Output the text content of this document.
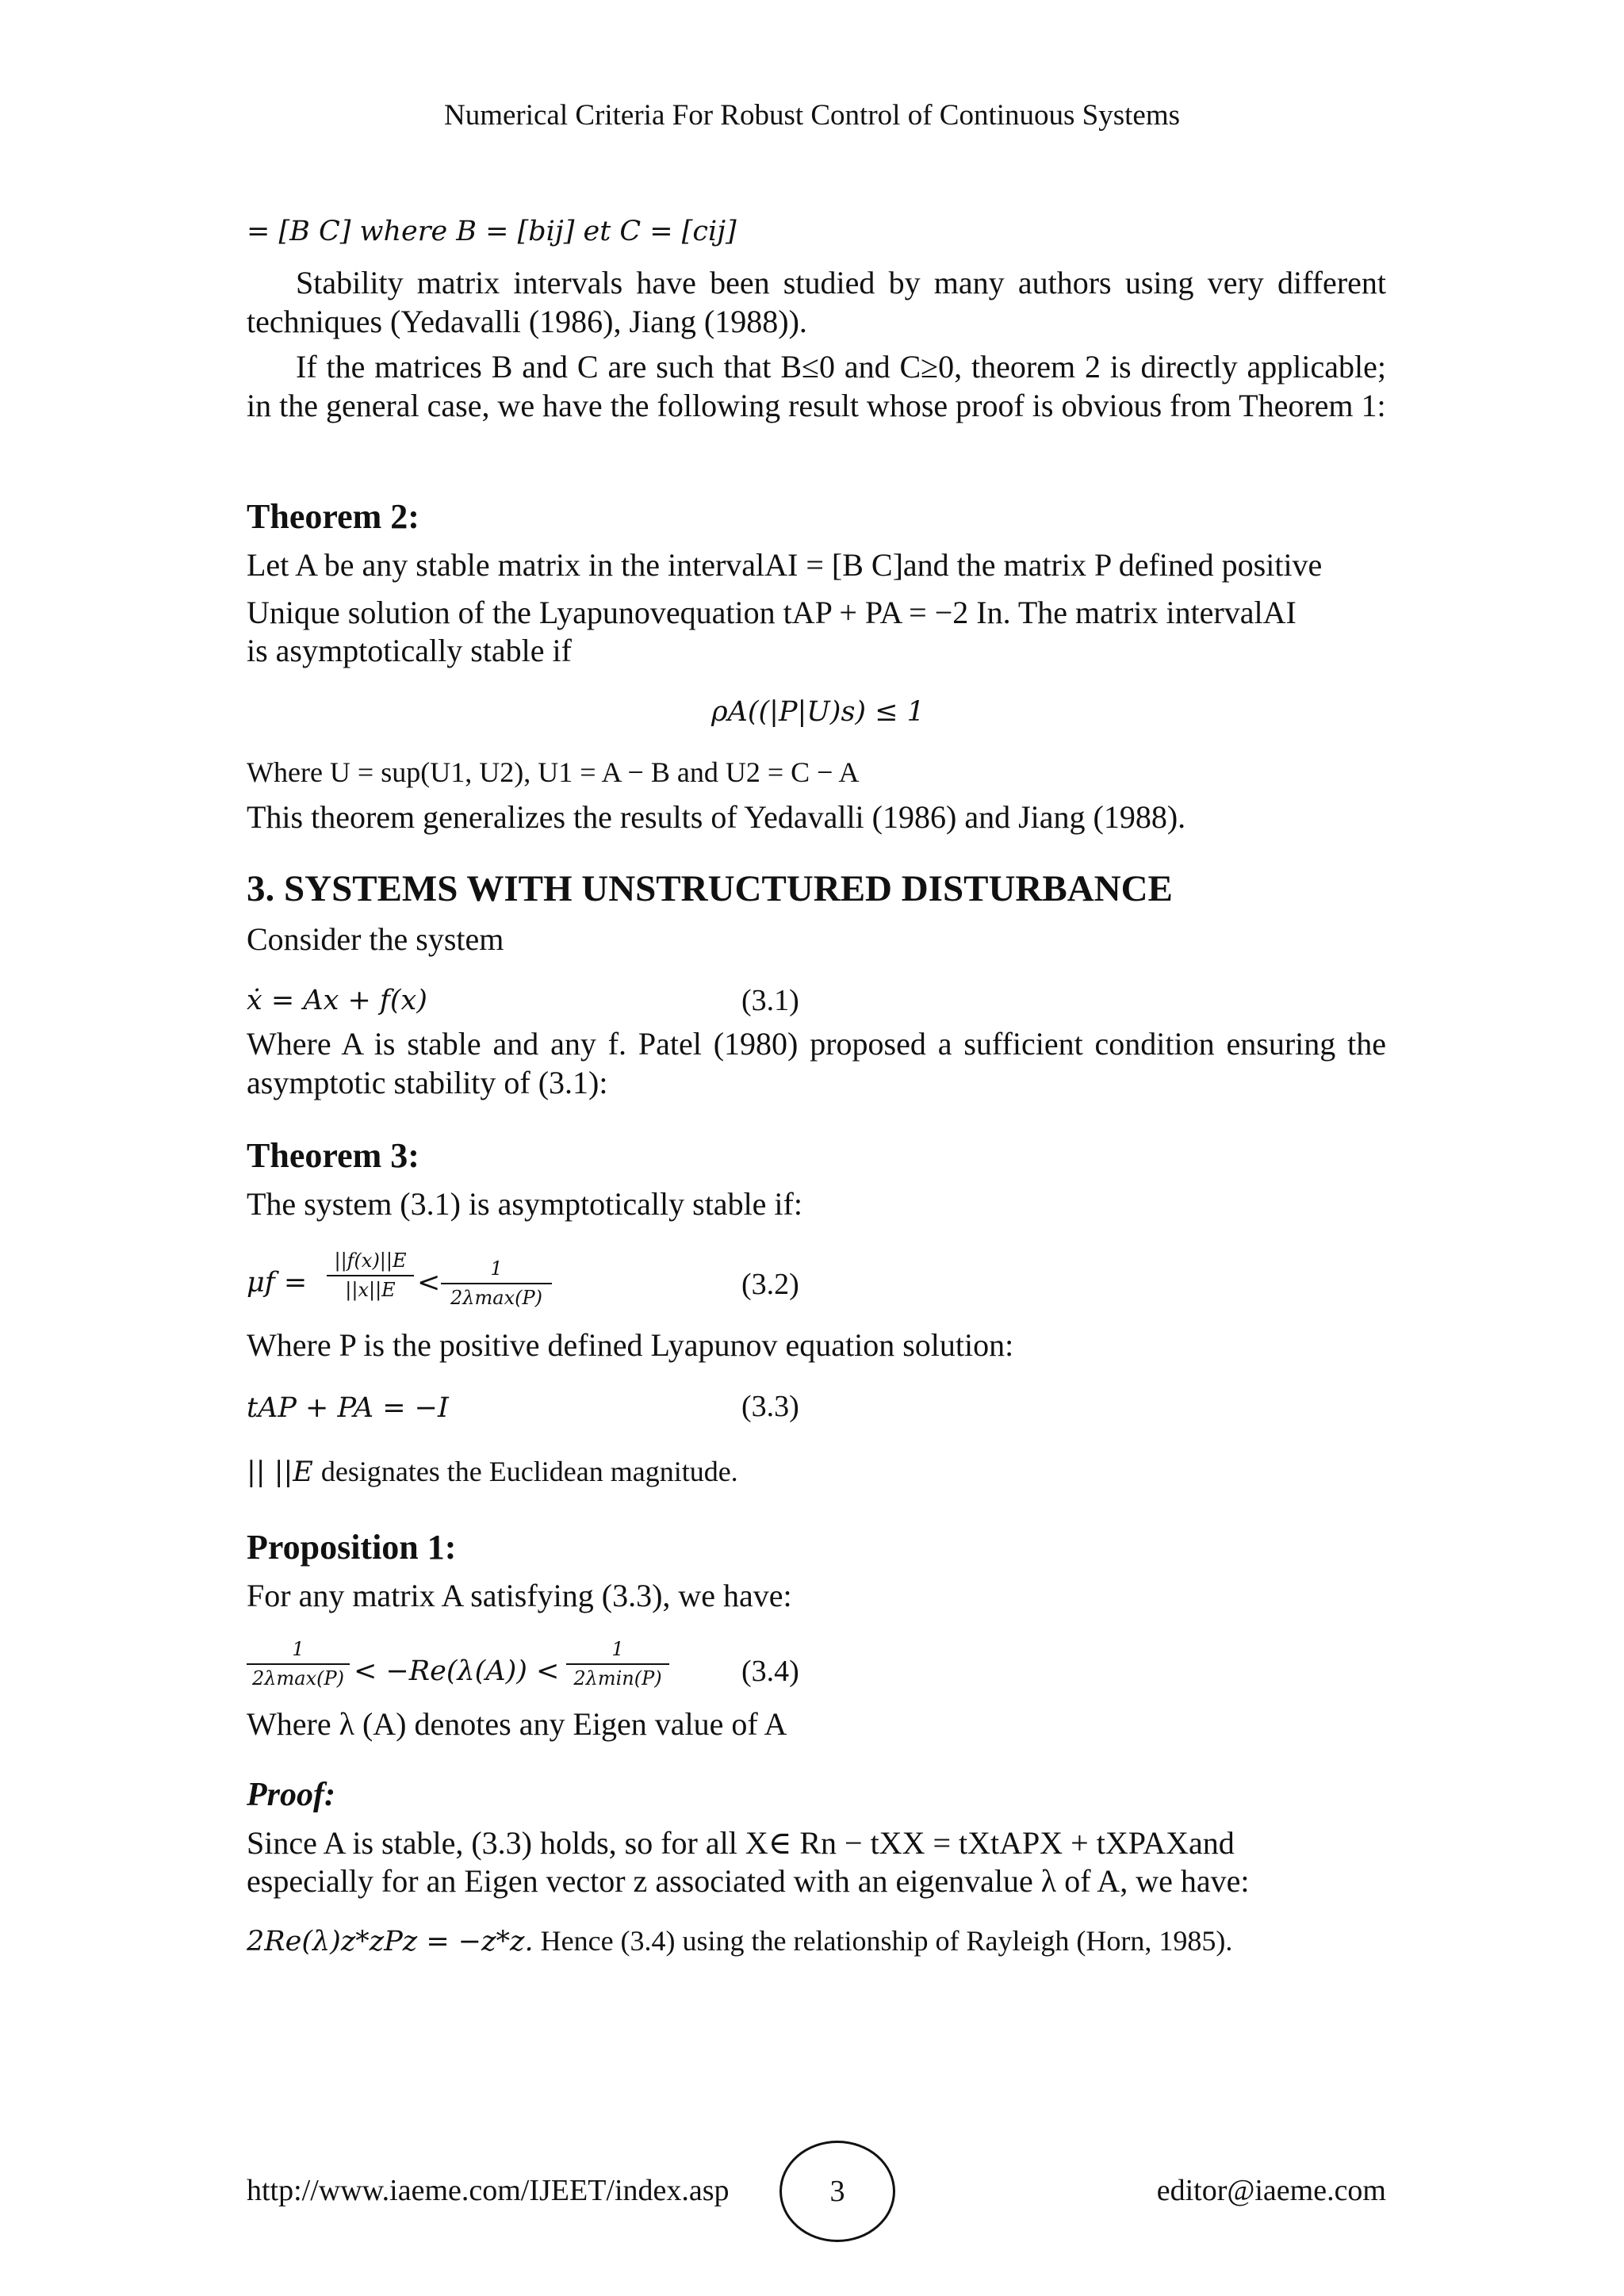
Numerical Criteria For Robust Control of Continuous Systems
= [B C] where B = [bij] et C = [cij]
Stability matrix intervals have been studied by many authors using very different techniques (Yedavalli (1986), Jiang (1988)).
If the matrices B and C are such that B≤0 and C≥0, theorem 2 is directly applicable; in the general case, we have the following result whose proof is obvious from Theorem 1:
Theorem 2:
Let A be any stable matrix in the intervalAI = [B C]and the matrix P defined positive
Unique solution of the Lyapunovequation tAP + PA = −2 In. The matrix intervalAI
is asymptotically stable if
ρA((|P|U)s) ≤ 1
Where U = sup(U1, U2), U1 = A − B and U2 = C − A
This theorem generalizes the results of Yedavalli (1986) and Jiang (1988).
3. SYSTEMS WITH UNSTRUCTURED DISTURBANCE
Consider the system
ẋ = Ax + f(x)	(3.1)
Where A is stable and any f. Patel (1980) proposed a sufficient condition ensuring the asymptotic stability of (3.1):
Theorem 3:
The system (3.1) is asymptotically stable if:
μf =
||f(x)||E
||x||E <	1
2λmax(P)	(3.2)
Where P is the positive defined Lyapunov equation solution:
tAP + PA = −I	(3.3)
|| ||E designates the Euclidean magnitude.
Proposition 1:
For any matrix A satisfying (3.3), we have:
1
2λmax(P) < −Re(λ(A)) <
1
2λmin(P)	(3.4)
Where λ (A) denotes any Eigen value of A
Proof:
Since A is stable, (3.3) holds, so for all X∈ Rn − tXX = tXtAPX + tXPAXand
especially for an Eigen vector z associated with an eigenvalue λ of A, we have:
2Re(λ)z*zPz = −z*z. Hence (3.4) using the relationship of Rayleigh (Horn, 1985).
http://www.iaeme.com/IJEET/index.asp	3	editor@iaeme.com
